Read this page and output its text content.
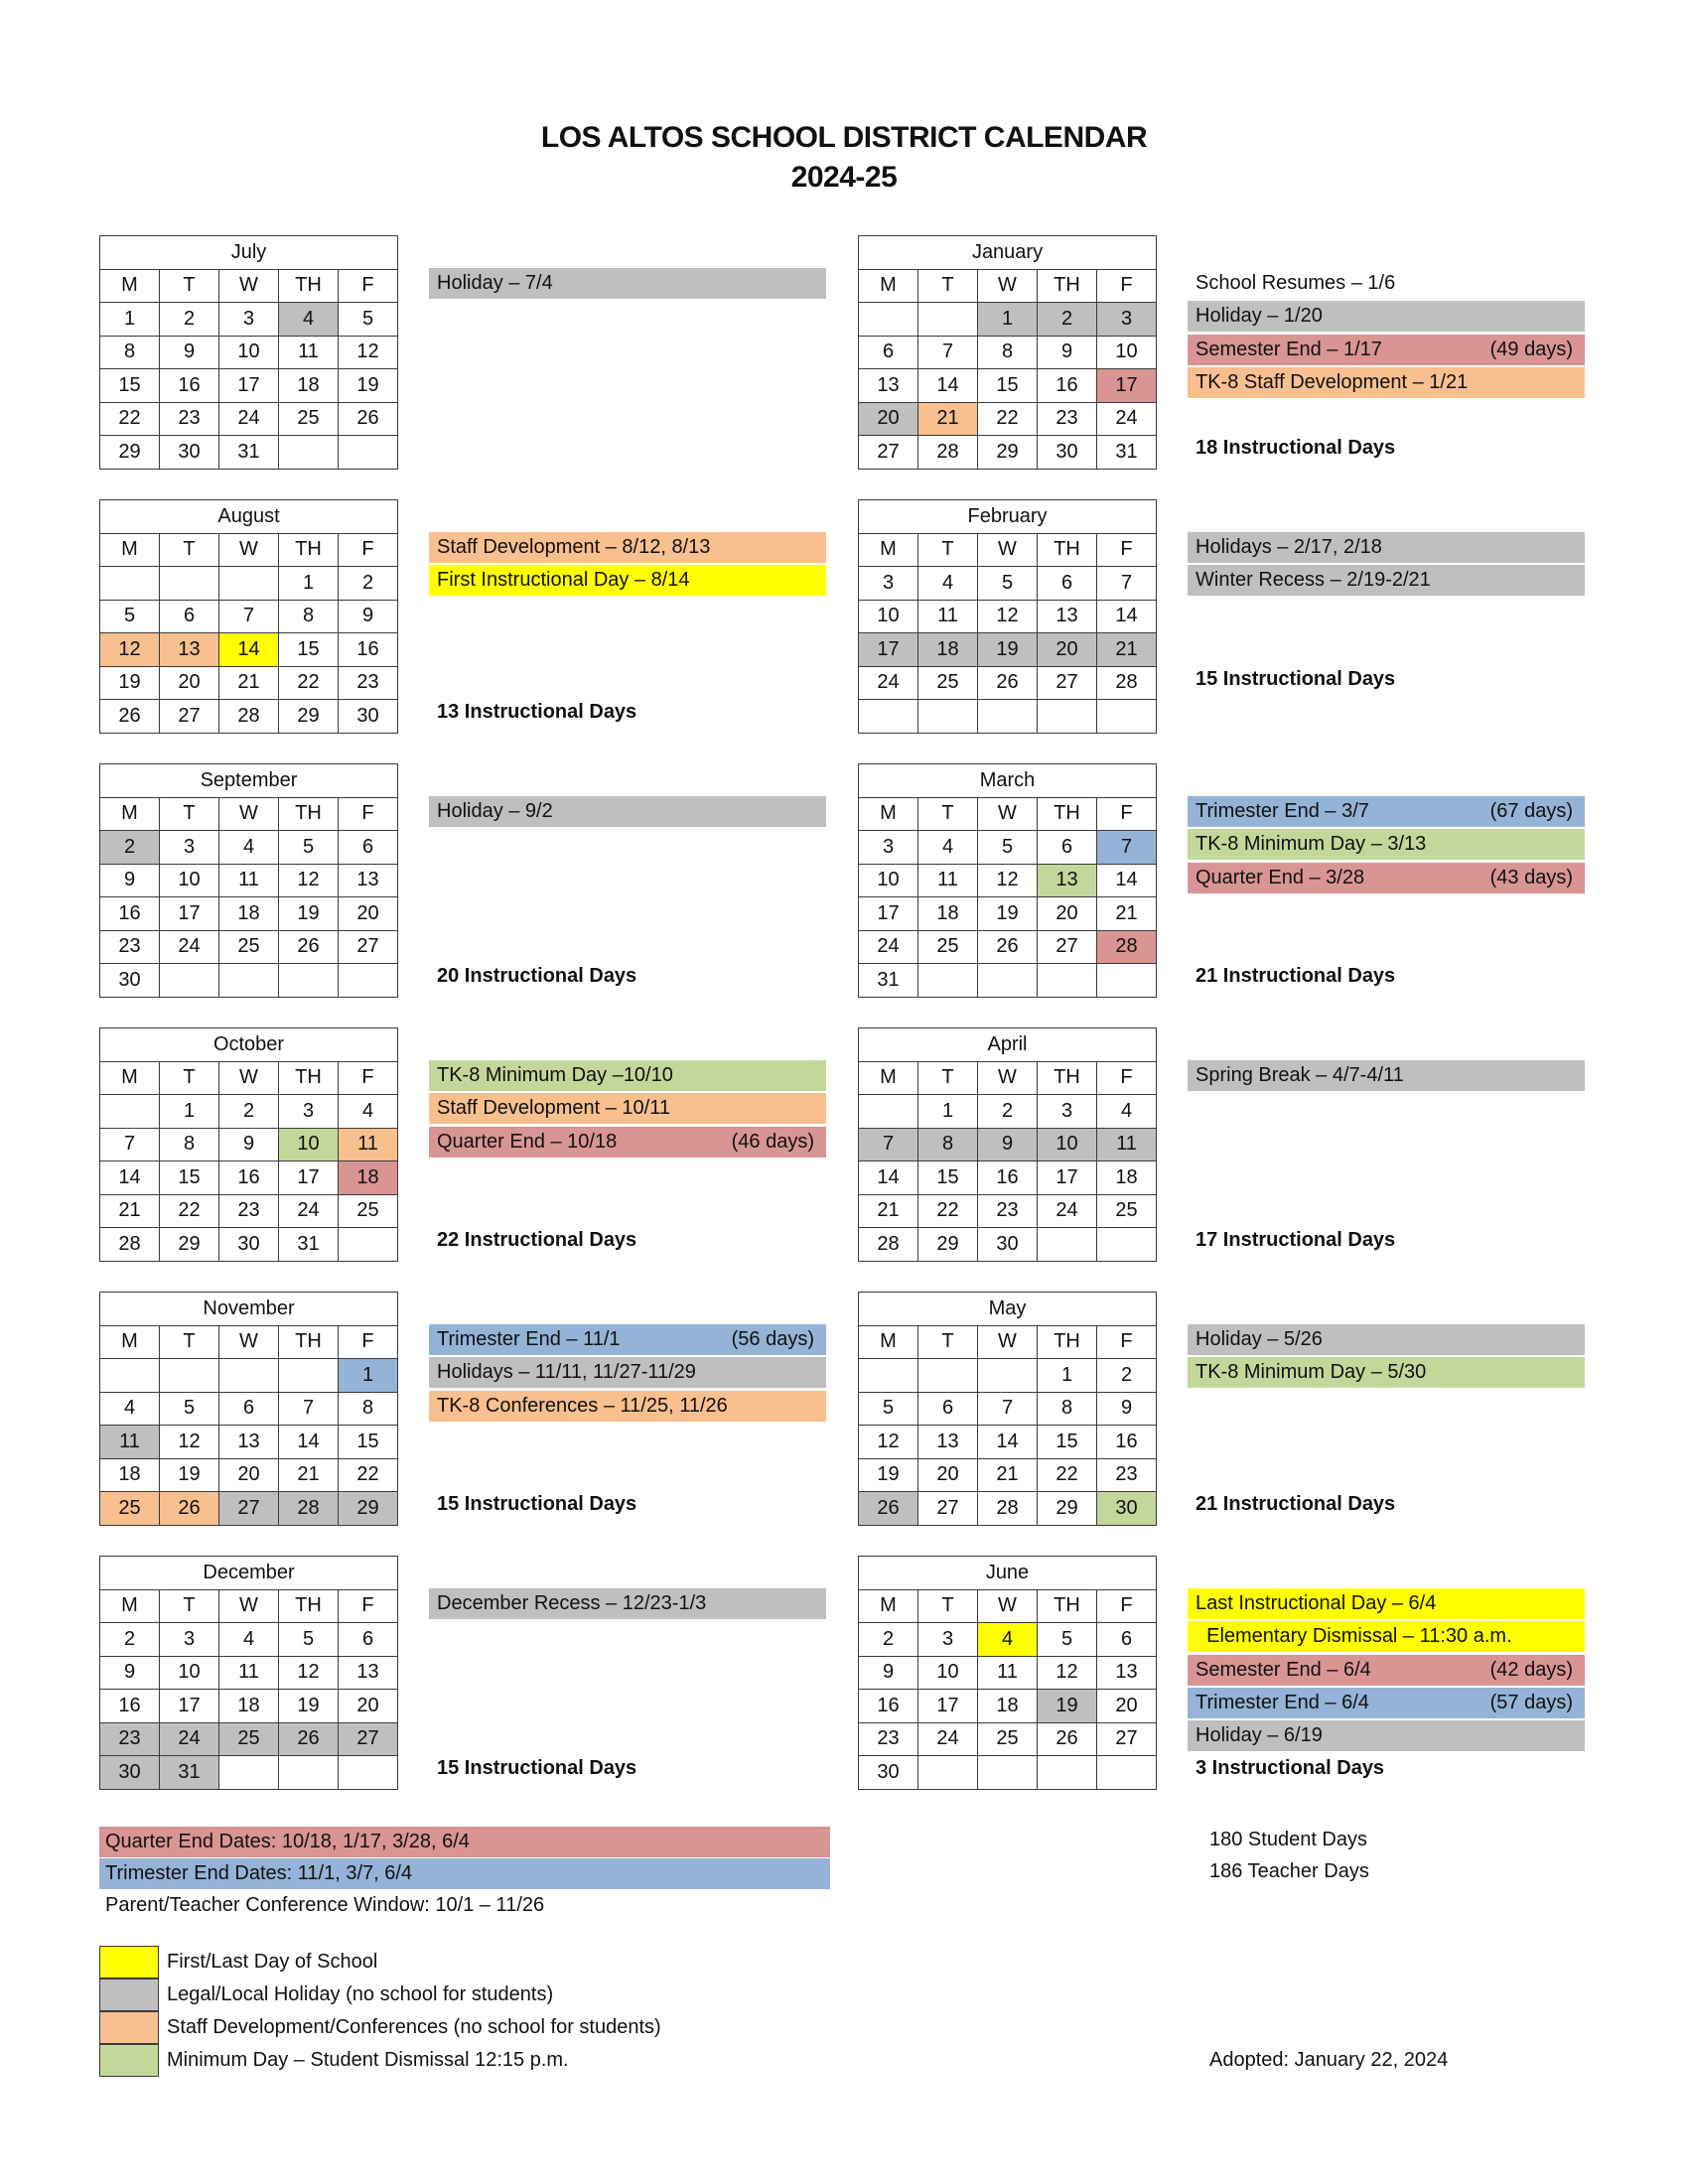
LOS ALTOS SCHOOL DISTRICT CALENDAR
2024-25
July				
M	T	W	TH	F
1	2	3	4	5
8	9	10	11	12
15	16	17	18	19
22	23	24	25	26
29	30	31		
Holiday – 7/4
August				
M	T	W	TH	F
			1	2
5	6	7	8	9
12	13	14	15	16
19	20	21	22	23
26	27	28	29	30
Staff Development – 8/12, 8/13
First Instructional Day – 8/14
13 Instructional Days
September				
M	T	W	TH	F
2	3	4	5	6
9	10	11	12	13
16	17	18	19	20
23	24	25	26	27
30				
Holiday – 9/2
20 Instructional Days
October				
M	T	W	TH	F
	1	2	3	4
7	8	9	10	11
14	15	16	17	18
21	22	23	24	25
28	29	30	31	
TK-8 Minimum Day –10/10
Staff Development – 10/11
Quarter End – 10/18	(46 days)
22 Instructional Days
November				
M	T	W	TH	F
				1
4	5	6	7	8
11	12	13	14	15
18	19	20	21	22
25	26	27	28	29
Trimester End – 11/1	(56 days)
Holidays – 11/11, 11/27-11/29
TK-8 Conferences – 11/25, 11/26
15 Instructional Days
December				
M	T	W	TH	F
2	3	4	5	6
9	10	11	12	13
16	17	18	19	20
23	24	25	26	27
30	31			
December Recess – 12/23-1/3
15 Instructional Days
January				
M	T	W	TH	F
		1	2	3
6	7	8	9	10
13	14	15	16	17
20	21	22	23	24
27	28	29	30	31
School Resumes – 1/6
Holiday – 1/20
Semester End – 1/17	(49 days)
TK-8 Staff Development – 1/21
18 Instructional Days
February				
M	T	W	TH	F
3	4	5	6	7
10	11	12	13	14
17	18	19	20	21
24	25	26	27	28

Holidays – 2/17, 2/18
Winter Recess – 2/19-2/21
15 Instructional Days
March				
M	T	W	TH	F
3	4	5	6	7
10	11	12	13	14
17	18	19	20	21
24	25	26	27	28
31				
Trimester End – 3/7	(67 days)
TK-8 Minimum Day – 3/13
Quarter End – 3/28	(43 days)
21 Instructional Days
April				
M	T	W	TH	F
	1	2	3	4
7	8	9	10	11
14	15	16	17	18
21	22	23	24	25
28	29	30		
Spring Break – 4/7-4/11
17 Instructional Days
May				
M	T	W	TH	F
			1	2
5	6	7	8	9
12	13	14	15	16
19	20	21	22	23
26	27	28	29	30
Holiday – 5/26
TK-8 Minimum Day – 5/30
21 Instructional Days
June				
M	T	W	TH	F
2	3	4	5	6
9	10	11	12	13
16	17	18	19	20
23	24	25	26	27
30				
Last Instructional Day – 6/4
Elementary Dismissal – 11:30 a.m.
Semester End – 6/4	(42 days)
Trimester End – 6/4	(57 days)
Holiday – 6/19
3 Instructional Days
Quarter End Dates: 10/18, 1/17, 3/28, 6/4
Trimester End Dates: 11/1, 3/7, 6/4
Parent/Teacher Conference Window: 10/1 – 11/26
180 Student Days
186 Teacher Days
Adopted: January 22, 2024
First/Last Day of School
Legal/Local Holiday (no school for students)
Staff Development/Conferences (no school for students)
Minimum Day – Student Dismissal 12:15 p.m.
